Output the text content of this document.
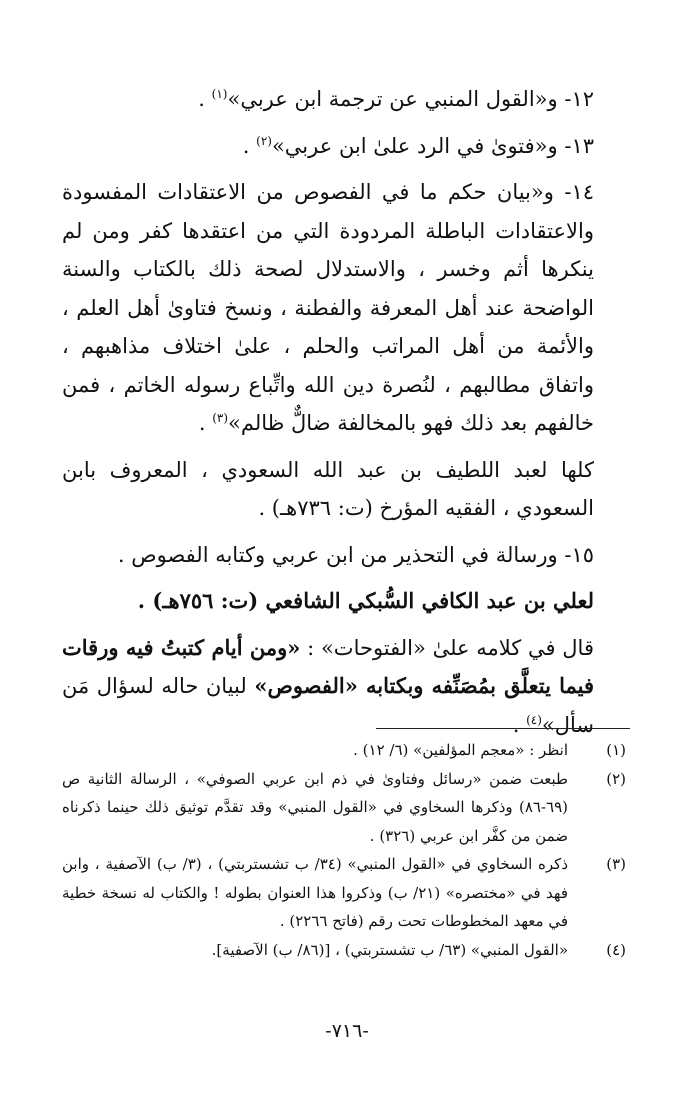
١٢- و«القول المنبي عن ترجمة ابن عربي»$^{(١)}$ .

١٣- و«فتوىٰ في الرد علىٰ ابن عربي»$^{(٢)}$ .

١٤- و«بيان حكم ما في الفصوص من الاعتقادات المفسودة والاعتقادات الباطلة المردودة التي من اعتقدها كفر ومن لم ينكرها أثم وخسر ، والاستدلال لصحة ذلك بالكتاب والسنة الواضحة عند أهل المعرفة والفطنة ، ونسخ فتاوىٰ أهل العلم ، والأئمة من أهل المراتب والحلم ، علىٰ اختلاف مذاهبهم ، واتفاق مطالبهم ، لنُصرة دين الله واتِّباع رسوله الخاتم ، فمن خالفهم بعد ذلك فهو بالمخالفة ضالٌّ ظالم»$^{(٣)}$ .

كلها لعبد اللطيف بن عبد الله السعودي ، المعروف بابن السعودي ، الفقيه المؤرخ (ت: ٧٣٦هـ) .

١٥- ورسالة في التحذير من ابن عربي وكتابه الفصوص .

لعلي بن عبد الكافي السُّبكي الشافعي (ت: ٧٥٦هـ) .

قال في كلامه علىٰ «الفتوحات» : «ومن أيام كتبتُ فيه ورقات فيما يتعلَّق بمُصَنِّفه وبكتابه «الفصوص» لبيان حاله لسؤال مَن سأل»$^{(٤)}$ .

(١)
انظر : «معجم المؤلفين» (٦/ ١٢) .
(٢)
طبعت ضمن «رسائل وفتاوىٰ في ذم ابن عربي الصوفي» ، الرسالة الثانية ص (٦٩-٨٦) وذكرها السخاوي في «القول المنبي» وقد تقدَّم توثيق ذلك حينما ذكرناه ضمن من كفَّر ابن عربي (٣٢٦) .
(٣)
ذكره السخاوي في «القول المنبي» (٣٤/ ب تشستربتي) ، (٣/ ب) الآصفية ، وابن فهد في «مختصره» (٢١/ ب) وذكروا هذا العنوان بطوله ! والكتاب له نسخة خطية في معهد المخطوطات تحت رقم (فاتح ٢٢٦٦) .
(٤)
«القول المنبي» (٦٣/ ب تشستربتي) ، [(٨٦/ ب) الآصفية].
-٧١٦-
